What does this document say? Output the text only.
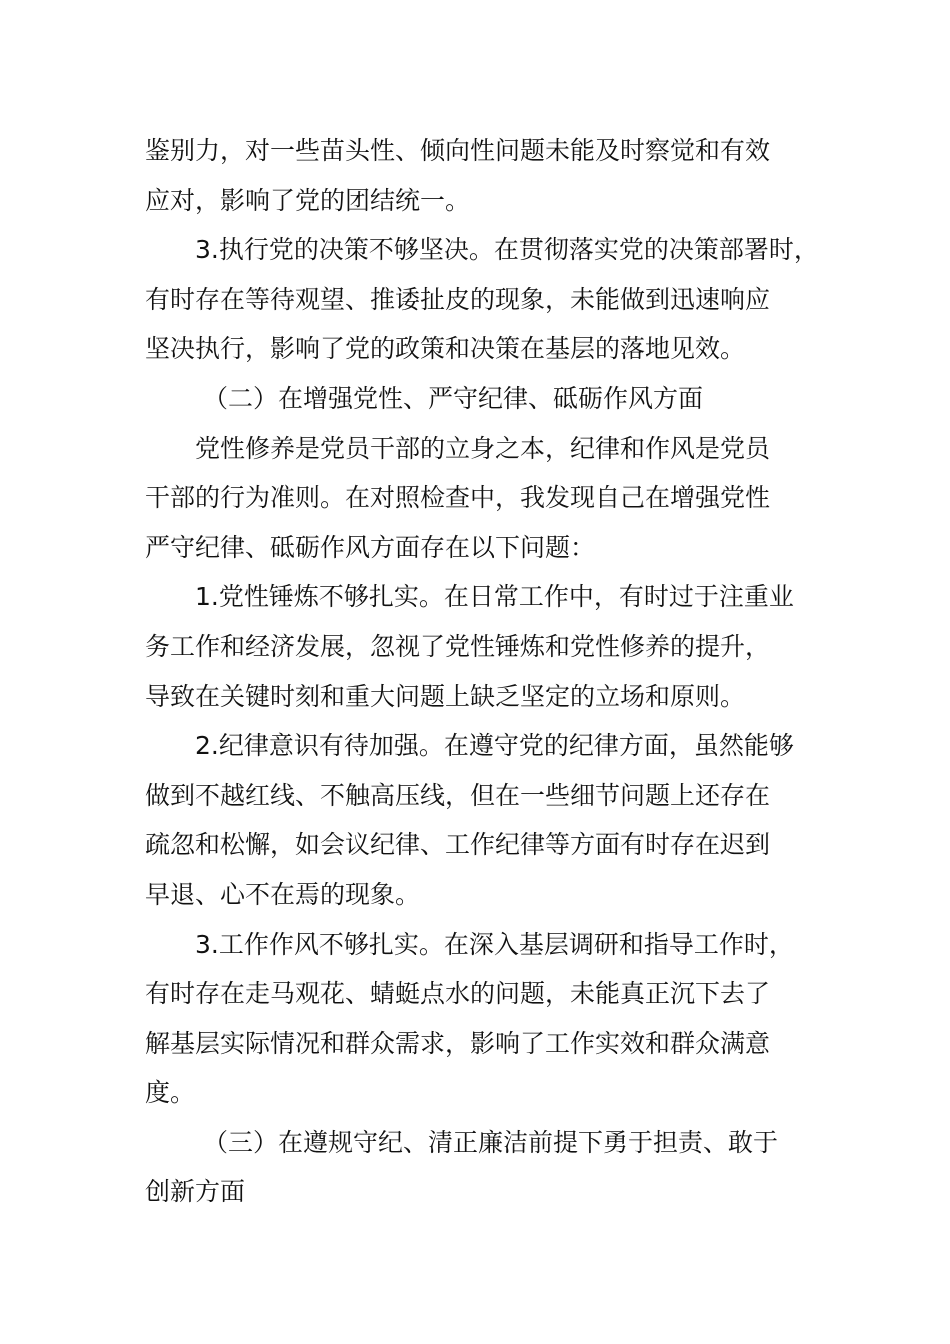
鉴别力，对一些苗头性、倾向性问题未能及时察觉和有效
应对，影响了党的团结统一。
3.执行党的决策不够坚决。在贯彻落实党的决策部署时，
有时存在等待观望、推诿扯皮的现象，未能做到迅速响应
坚决执行，影响了党的政策和决策在基层的落地见效。
（二）在增强党性、严守纪律、砥砺作风方面
党性修养是党员干部的立身之本，纪律和作风是党员
干部的行为准则。在对照检查中，我发现自己在增强党性
严守纪律、砥砺作风方面存在以下问题：
1.党性锤炼不够扎实。在日常工作中，有时过于注重业
务工作和经济发展，忽视了党性锤炼和党性修养的提升，
导致在关键时刻和重大问题上缺乏坚定的立场和原则。
2.纪律意识有待加强。在遵守党的纪律方面，虽然能够
做到不越红线、不触高压线，但在一些细节问题上还存在
疏忽和松懈，如会议纪律、工作纪律等方面有时存在迟到
早退、心不在焉的现象。
3.工作作风不够扎实。在深入基层调研和指导工作时，
有时存在走马观花、蜻蜓点水的问题，未能真正沉下去了
解基层实际情况和群众需求，影响了工作实效和群众满意
度。
（三）在遵规守纪、清正廉洁前提下勇于担责、敢于
创新方面
